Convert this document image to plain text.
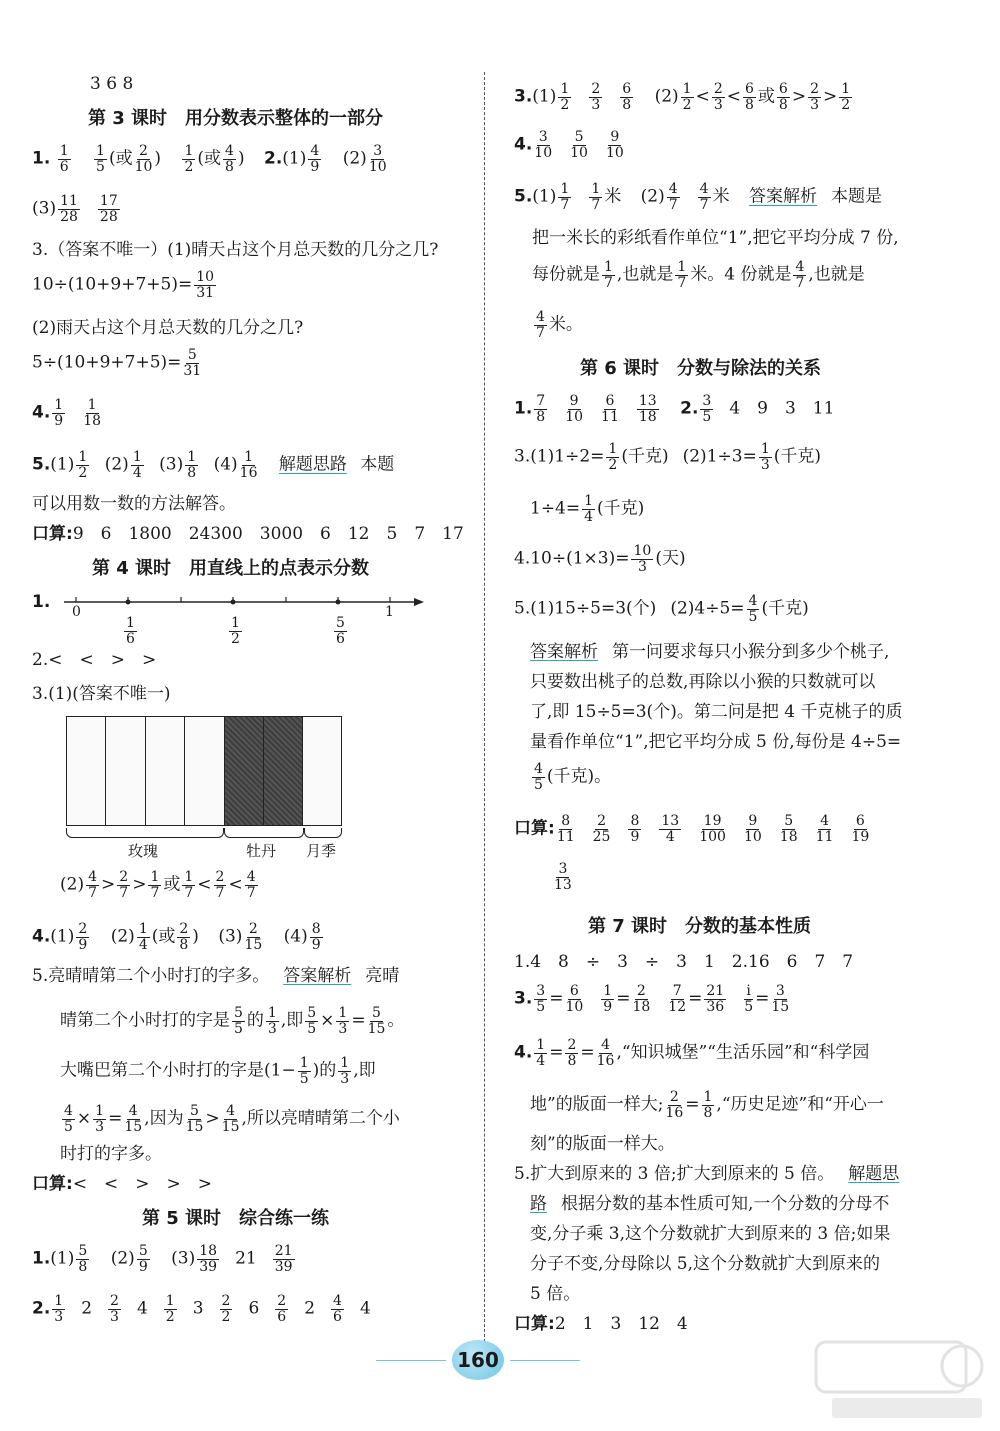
3 6 8
第 3 课时　用分数表示整体的一部分
1. $\frac{1}{6}$
$\frac{1}{5}$ (或 $\frac{2}{10}$ ) $\frac{1}{2}$ (或 $\frac{4}{8}$ ) $2.(1) \frac{4}{9} (2) \frac{3}{10}$
$(3) \frac{11}{28} \frac{17}{28}$
3.（答案不唯一）(1)晴天占这个月总天数的几分之几?
$10\div(10+9+7+5)= \frac{10}{31}$
(2)雨天占这个月总天数的几分之几?
$5\div(10+9+7+5)= \frac{5}{31}$
4. $\frac{1}{9} \frac{1}{18}$
$5.(1) \frac{1}{2} (2) \frac{1}{4} (3) \frac{1}{8} (4) \frac{1}{16}$ 解题思路 本题
可以用数一数的方法解答。
口算:9　6　1800　24300　3000　6　12　5　7　17
第 4 课时　用直线上的点表示分数
1. 0	1
$\frac{1}{6}$	$\frac{1}{2}$	$\frac{5}{6}$
2.<　<　>　>
3.(1)(答案不唯一)
玫瑰	牡丹 月季
$(2) \frac{4}{7} > \frac{2}{7} > \frac{1}{7}$ 或 $\frac{1}{7} < \frac{2}{7} < \frac{4}{7}$
$4.(1) \frac{2}{9} (2) \frac{1}{4}$ (或 $\frac{2}{8}$ ) $(3) \frac{2}{15} (4) \frac{8}{9}$
5.亮晴晴第二个小时打的字多。 答案解析 亮晴
晴第二个小时打的字是 $\frac{5}{5}$ 的 $\frac{1}{3}$ ,即 $\frac{5}{5} \times \frac{1}{3} = \frac{5}{15}$ 。
大嘴巴第二个小时打的字是($1- \frac{1}{5}$ )的 $\frac{1}{3}$ ,即
$\frac{4}{5} \times \frac{1}{3} = \frac{4}{15}$ ,因为 $\frac{5}{15} > \frac{4}{15}$ ,所以亮晴晴第二个小
时打的字多。
口算:<　<　>　>　>
第 5 课时　综合练一练
$1.(1) \frac{5}{8} (2) \frac{5}{9} (3) \frac{18}{39} 21 \frac{21}{39}$
2. $\frac{1}{3} 2 \frac{2}{3} 4 \frac{1}{2} 3 \frac{2}{2} 6 \frac{2}{6} 2 \frac{4}{6} 4$
$3.(1) \frac{1}{2} \frac{2}{3} \frac{6}{8} (2) \frac{1}{2} < \frac{2}{3} < \frac{6}{8}$ 或 $\frac{6}{8} > \frac{2}{3} > \frac{1}{2}$
4. $\frac{3}{10} \frac{5}{10} \frac{9}{10}$
$5.(1) \frac{1}{7} \frac{1}{7}$ 米 $(2) \frac{4}{7} \frac{4}{7}$ 米 答案解析 本题是
把一米长的彩纸看作单位“1”,把它平均分成 7 份,
每份就是 $\frac{1}{7}$ ,也就是 $\frac{1}{7}$ 米。4 份就是 $\frac{4}{7}$ ,也就是
$\frac{4}{7}$ 米。
第 6 课时　分数与除法的关系
1. $\frac{7}{8} \frac{9}{10} \frac{6}{11} \frac{13}{18} 2$. $\frac{3}{5} 4$　9　3　11
$3.(1)1\div 2= \frac{1}{2}$ (千克) $(2)1\div 3= \frac{1}{3}$ (千克)
$1\div 4= \frac{1}{4}$ (千克)
$4.10\div(1\times 3)= \frac{10}{3}$ (天)
5.(1)15÷5=3(个) $(2)4\div 5= \frac{4}{5}$ (千克)
答案解析 第一问要求每只小猴分到多少个桃子,
只要数出桃子的总数,再除以小猴的只数就可以
了,即 15÷5=3(个)。第二问是把 4 千克桃子的质
量看作单位“1”,把它平均分成 5 份,每份是 4÷5=
$\frac{4}{5}$ (千克)。
口算: $\frac{8}{11} \frac{2}{25} \frac{8}{9} \frac{13}{4} \frac{19}{100} \frac{9}{10} \frac{5}{18} \frac{4}{11} \frac{6}{19}$
$\frac{3}{13}$
第 7 课时　分数的基本性质
1.4　8　÷　3　÷　3　1　2.16　6　7　7
3. $\frac{3}{5} = \frac{6}{10} \frac{1}{9} = \frac{2}{18} \frac{7}{12} = \frac{21}{36} \frac{i}{5} = \frac{3}{15}$
4. $\frac{1}{4} = \frac{2}{8} = \frac{4}{16}$ ,“知识城堡”“生活乐园”和“科学园
地”的版面一样大; $\frac{2}{16} = \frac{1}{8}$ ,“历史足迹”和“开心一
刻”的版面一样大。
5.扩大到原来的 3 倍;扩大到原来的 5 倍。 解题思
路 根据分数的基本性质可知,一个分数的分母不
变,分子乘 3,这个分数就扩大到原来的 3 倍;如果
分子不变,分母除以 5,这个分数就扩大到原来的
5 倍。
口算:2　1　3　12　4
160
